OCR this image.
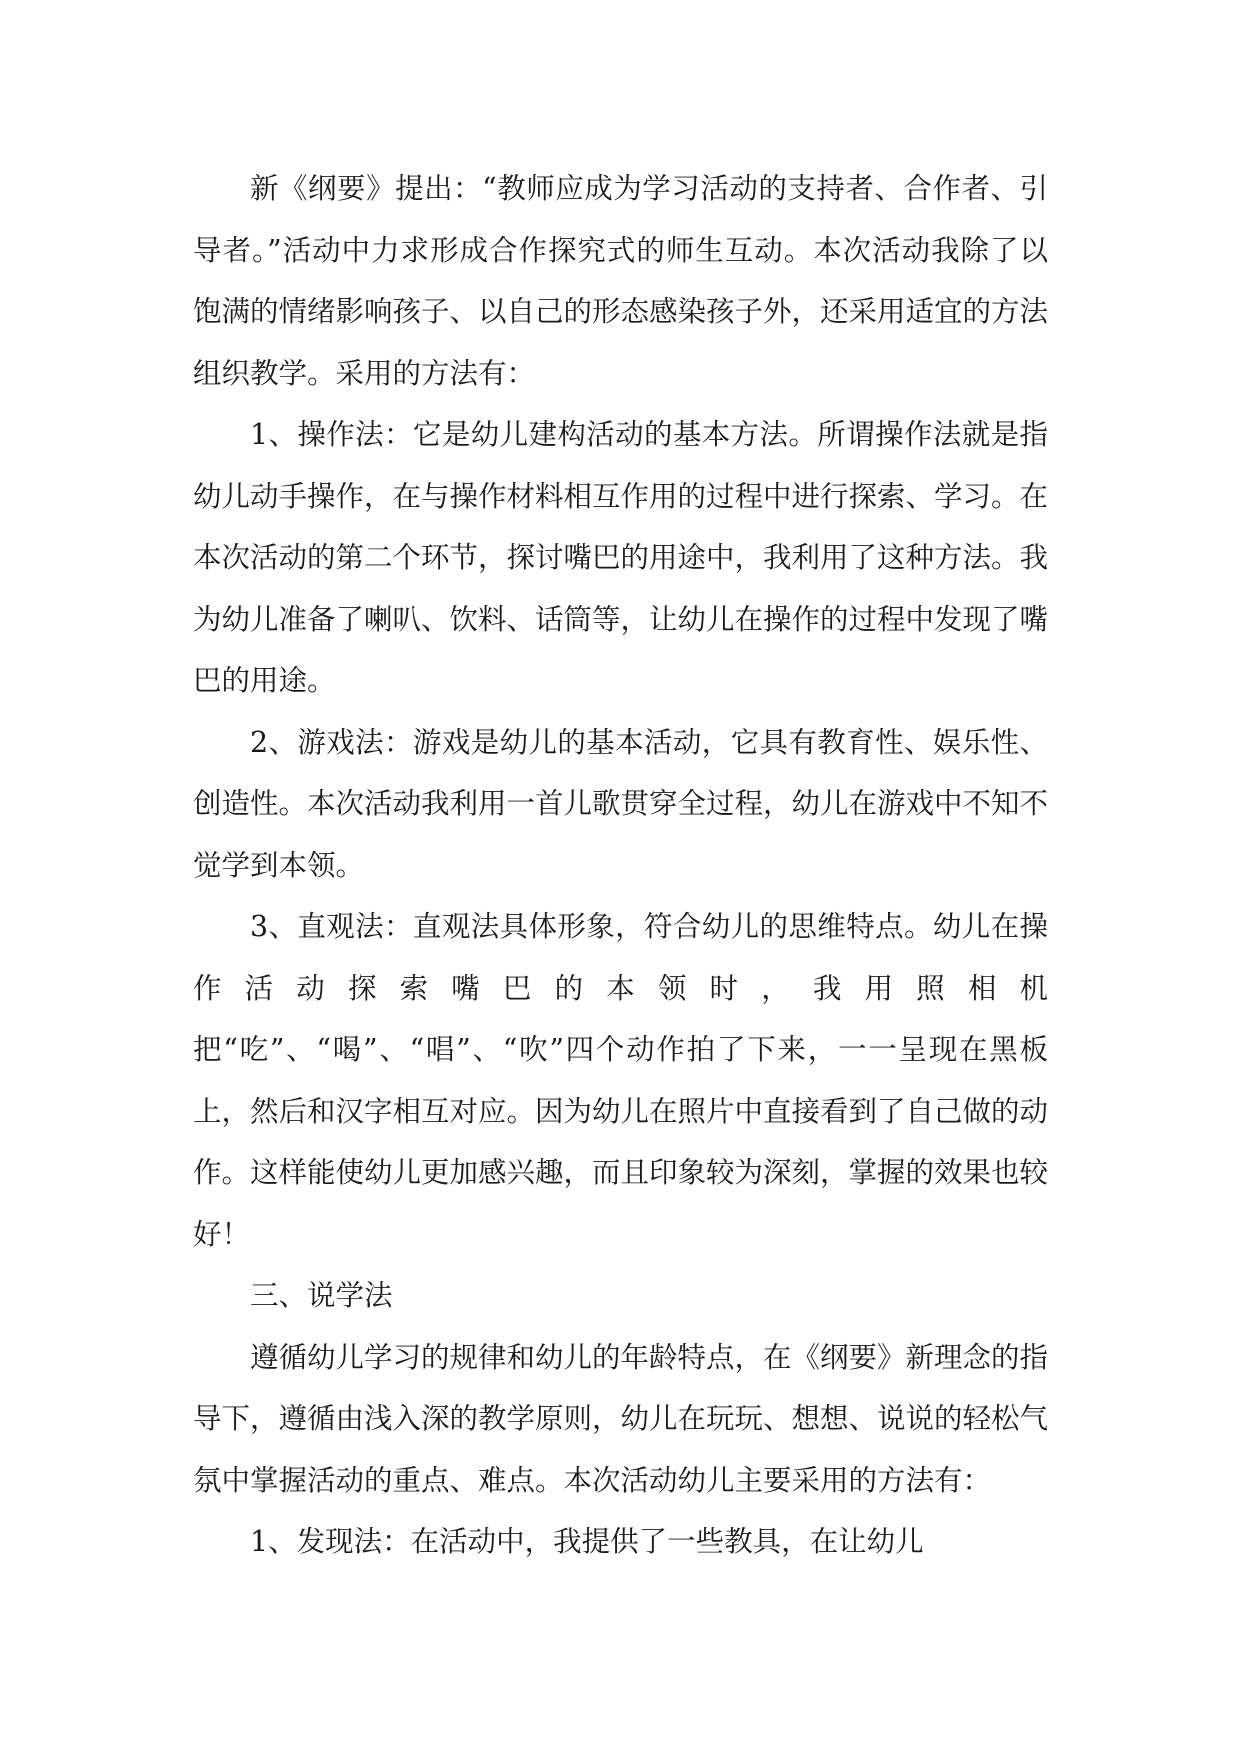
新《纲要》提出：“教师应成为学习活动的支持者、合作者、引导者。”活动中力求形成合作探究式的师生互动。本次活动我除了以饱满的情绪影响孩子、以自己的形态感染孩子外，还采用适宜的方法组织教学。采用的方法有：

1、操作法：它是幼儿建构活动的基本方法。所谓操作法就是指幼儿动手操作，在与操作材料相互作用的过程中进行探索、学习。在本次活动的第二个环节，探讨嘴巴的用途中，我利用了这种方法。我为幼儿准备了喇叭、饮料、话筒等，让幼儿在操作的过程中发现了嘴巴的用途。

2、游戏法：游戏是幼儿的基本活动，它具有教育性、娱乐性、创造性。本次活动我利用一首儿歌贯穿全过程，幼儿在游戏中不知不觉学到本领。

3、直观法：直观法具体形象，符合幼儿的思维特点。幼儿在操作活动探索嘴巴的本领时，我用照相机把“吃”、“喝”、“唱”、“吹”四个动作拍了下来，一一呈现在黑板上，然后和汉字相互对应。因为幼儿在照片中直接看到了自己做的动作。这样能使幼儿更加感兴趣，而且印象较为深刻，掌握的效果也较好！

三、说学法

遵循幼儿学习的规律和幼儿的年龄特点，在《纲要》新理念的指导下，遵循由浅入深的教学原则，幼儿在玩玩、想想、说说的轻松气氛中掌握活动的重点、难点。本次活动幼儿主要采用的方法有：

1、发现法：在活动中，我提供了一些教具，在让幼儿
